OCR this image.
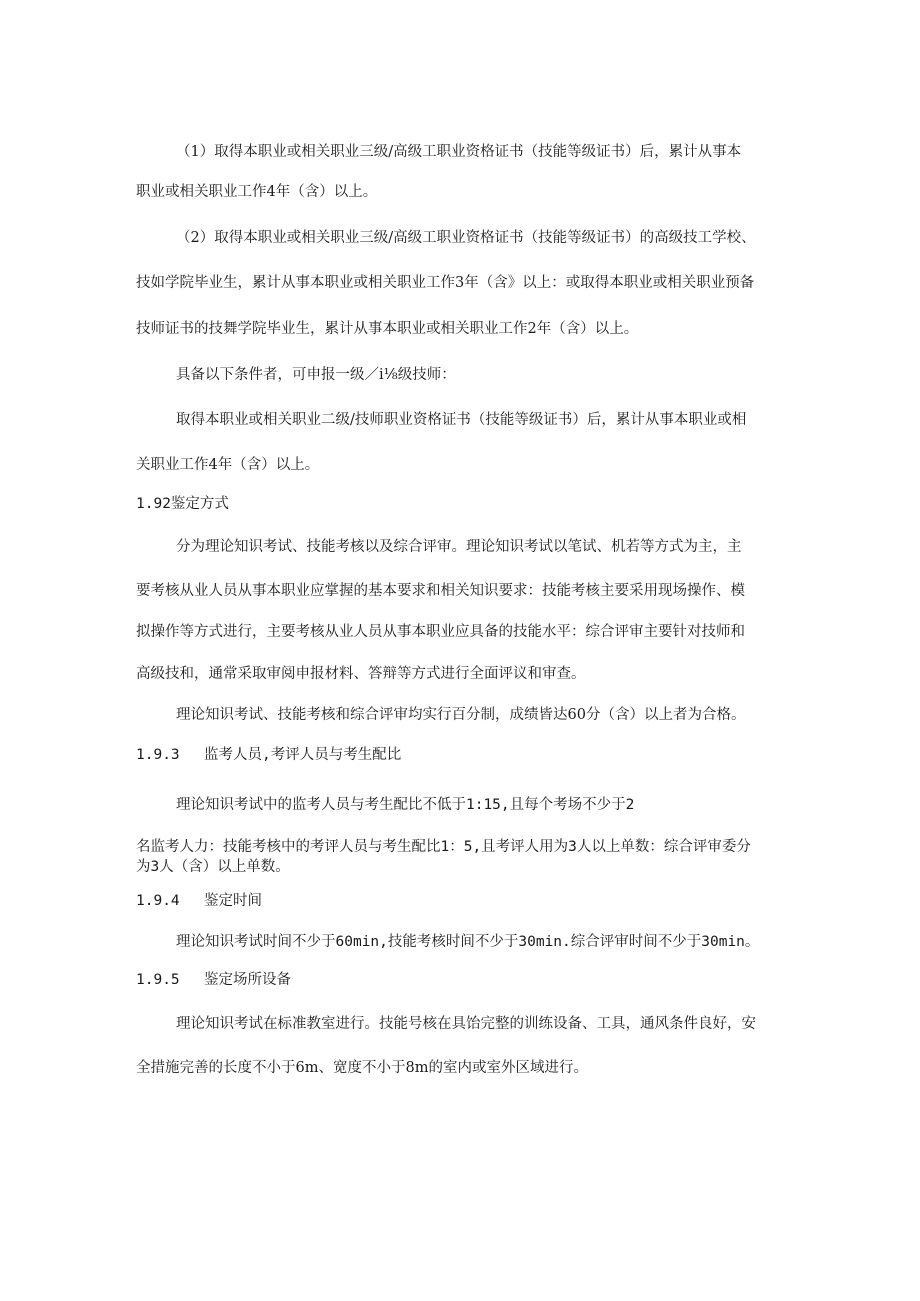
（1）取得本职业或相关职业三级/高级工职业资格证书（技能等级证书）后，累计从事本
职业或相关职业工作4年（含）以上。
（2）取得本职业或相关职业三级/高级工职业资格证书（技能等级证书）的高级技工学校、
技如学院毕业生，累计从事本职业或相关职业工作3年（含》以上：或取得本职业或相关职业预备
技师证书的技舞学院毕业生，累计从事本职业或相关职业工作2年（含）以上。
具备以下条件者，可申报一级／i⅛级技师：
取得本职业或相关职业二级/技师职业资格证书（技能等级证书）后，累计从事本职业或相
关职业工作4年（含）以上。
1.92鉴定方式
分为理论知识考试、技能考核以及综合评审。理论知识考试以笔试、机若等方式为主，主
要考核从业人员从事本职业应掌握的基本要求和相关知识要求：技能考核主要采用现场操作、模
拟操作等方式进行，主要考核从业人员从事本职业应具备的技能水平：综合评审主要针对技师和
高级技和，通常采取审阅申报材料、答辩等方式进行全面评议和审查。
理论知识考试、技能考核和综合评审均实行百分制，成绩皆达60分（含）以上者为合格。
1.9.3 监考人员,考评人员与考生配比
理论知识考试中的监考人员与考生配比不低于1:15,且每个考场不少于2
名监考人力：技能考核中的考评人员与考生配比1：5,且考评人用为3人以上单数：综合评审委分
为3人（含）以上单数。
1.9.4 鉴定时间
理论知识考试时间不少于60min,技能考核时间不少于30min.综合评审时间不少于30min。
1.9.5 鉴定场所设备
理论知识考试在标准教室进行。技能号核在具饴完整的训练设备、工具，通风条件良好，安
全措施完善的长度不小于6m、宽度不小于8m的室内或室外区域进行。
